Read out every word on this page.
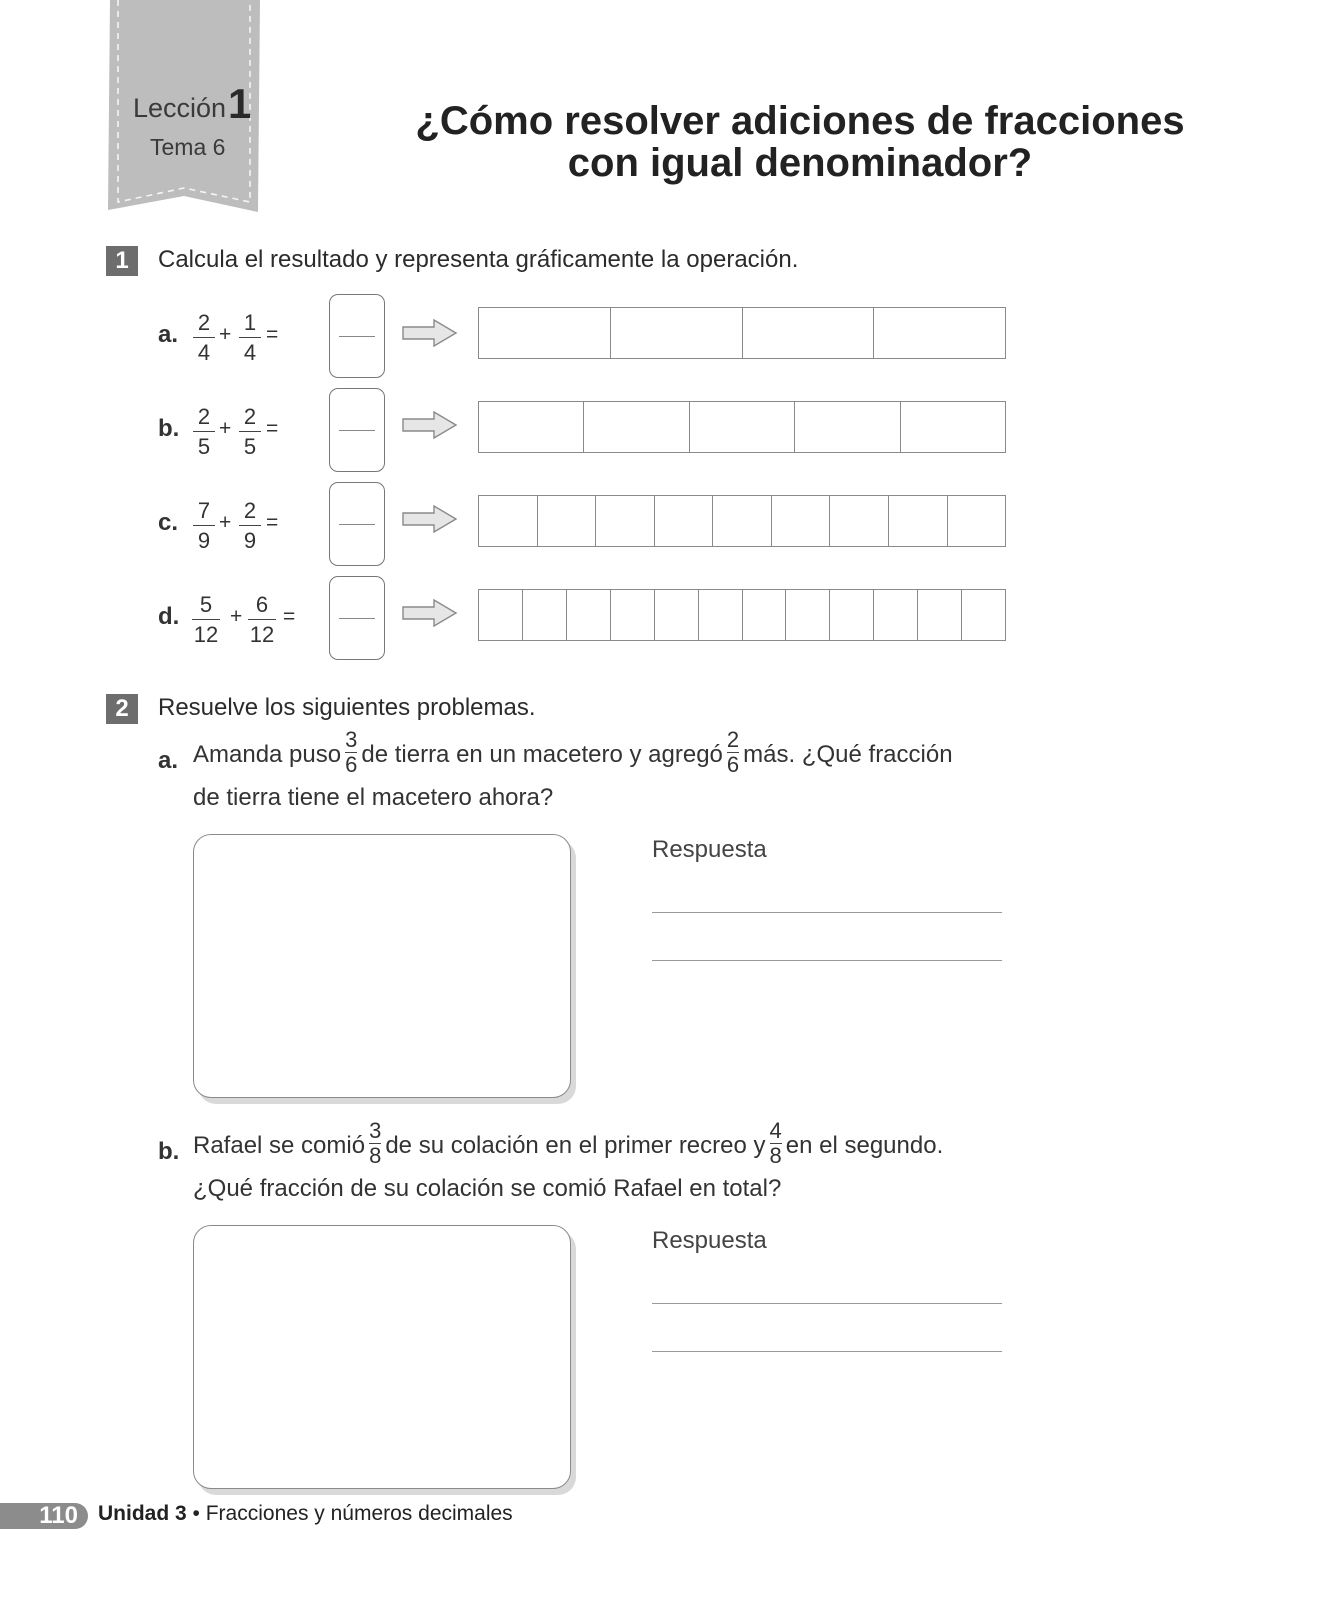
Lección 1
Tema 6
¿Cómo resolver adiciones de fracciones
con igual denominador?
1	Calcula el resultado y representa gráficamente la operación.
a. 2
4
+ 1
4
=
b. 2
5
+ 2
5
=
c. 7
9
+ 2
9
=
d. 5
12
+ 6
12
=
2	Resuelve los siguientes problemas.
a. Amanda puso $\frac{3}{6}$ de tierra en un macetero y agregó $\frac{2}{6}$ más. ¿Qué fracción
de tierra tiene el macetero ahora?
Respuesta
b. Rafael se comió $\frac{3}{8}$ de su colación en el primer recreo y $\frac{4}{8}$ en el segundo.
¿Qué fracción de su colación se comió Rafael en total?
Respuesta
110 Unidad 3 • Fracciones y números decimales
